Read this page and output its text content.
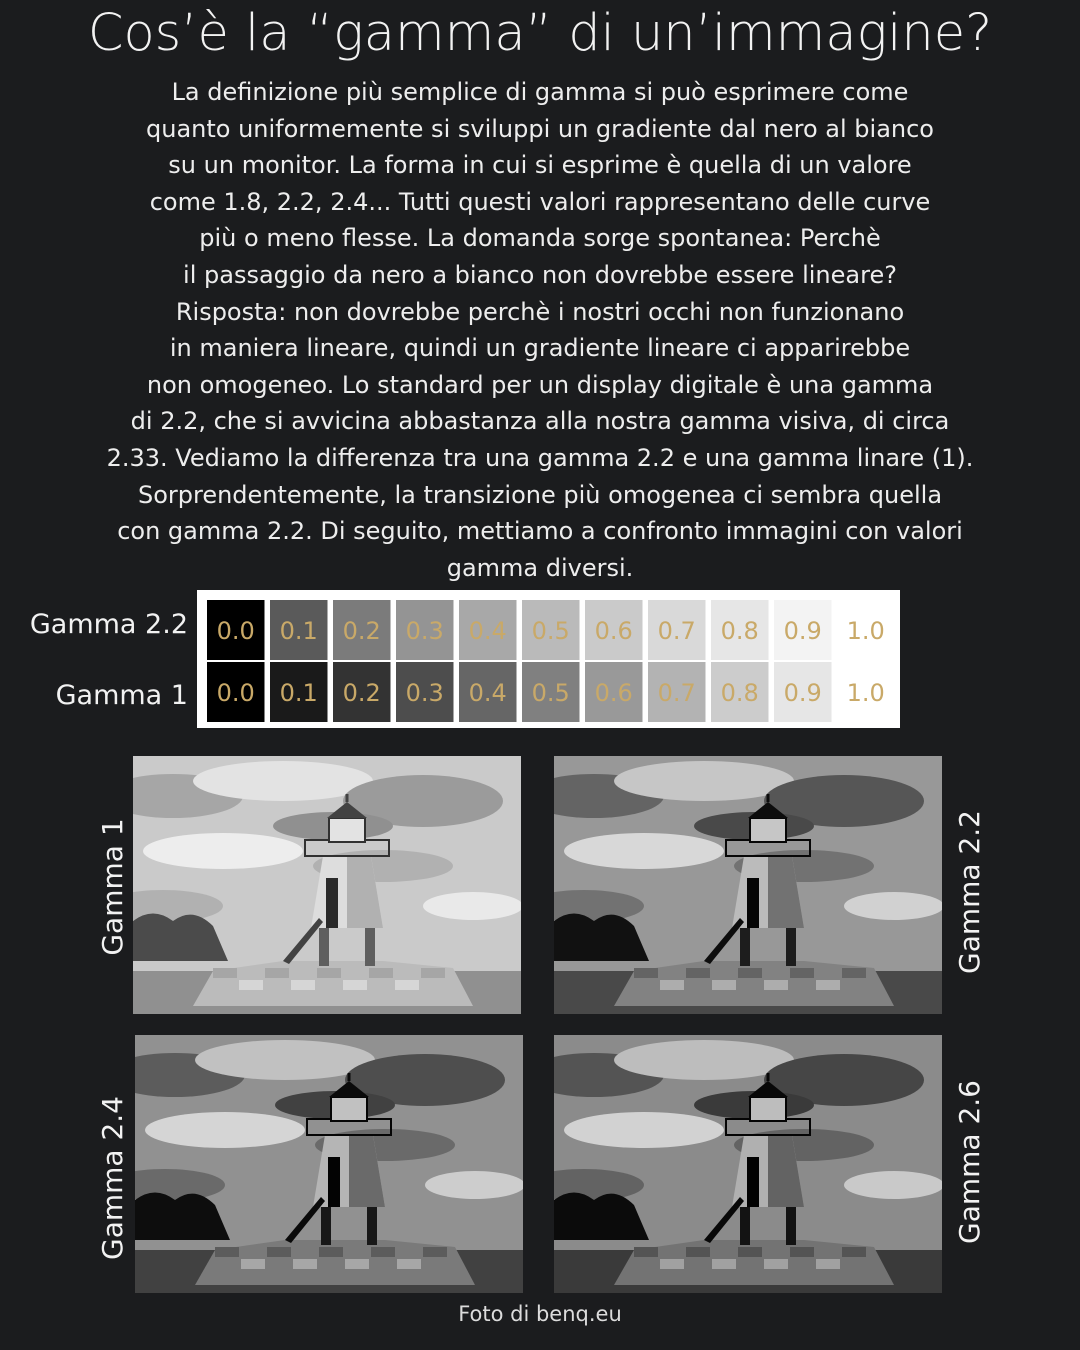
Cos’è la “gamma” di un’immagine?
La definizione più semplice di gamma si può esprimere come
quanto uniformemente si sviluppi un gradiente dal nero al bianco
su un monitor. La forma in cui si esprime è quella di un valore
come 1.8, 2.2, 2.4... Tutti questi valori rappresentano delle curve
più o meno flesse. La domanda sorge spontanea: Perchè
il passaggio da nero a bianco non dovrebbe essere lineare?
Risposta: non dovrebbe perchè i nostri occhi non funzionano
in maniera lineare, quindi un gradiente lineare ci apparirebbe
non omogeneo. Lo standard per un display digitale è una gamma
di 2.2, che si avvicina abbastanza alla nostra gamma visiva, di circa
2.33. Vediamo la differenza tra una gamma 2.2 e una gamma linare (1).
Sorprendentemente, la transizione più omogenea ci sembra quella
con gamma 2.2. Di seguito, mettiamo a confronto immagini con valori
gamma diversi.
Gamma 2.2
Gamma 1
0.0 0.1 0.2 0.3 0.4 0.5 0.6 0.7 0.8 0.9 1.0
0.0 0.1 0.2 0.3 0.4 0.5 0.6 0.7 0.8 0.9 1.0
Gamma 1	Gamma 2.2
Gamma 2.4	Gamma 2.6
Foto di benq.eu
